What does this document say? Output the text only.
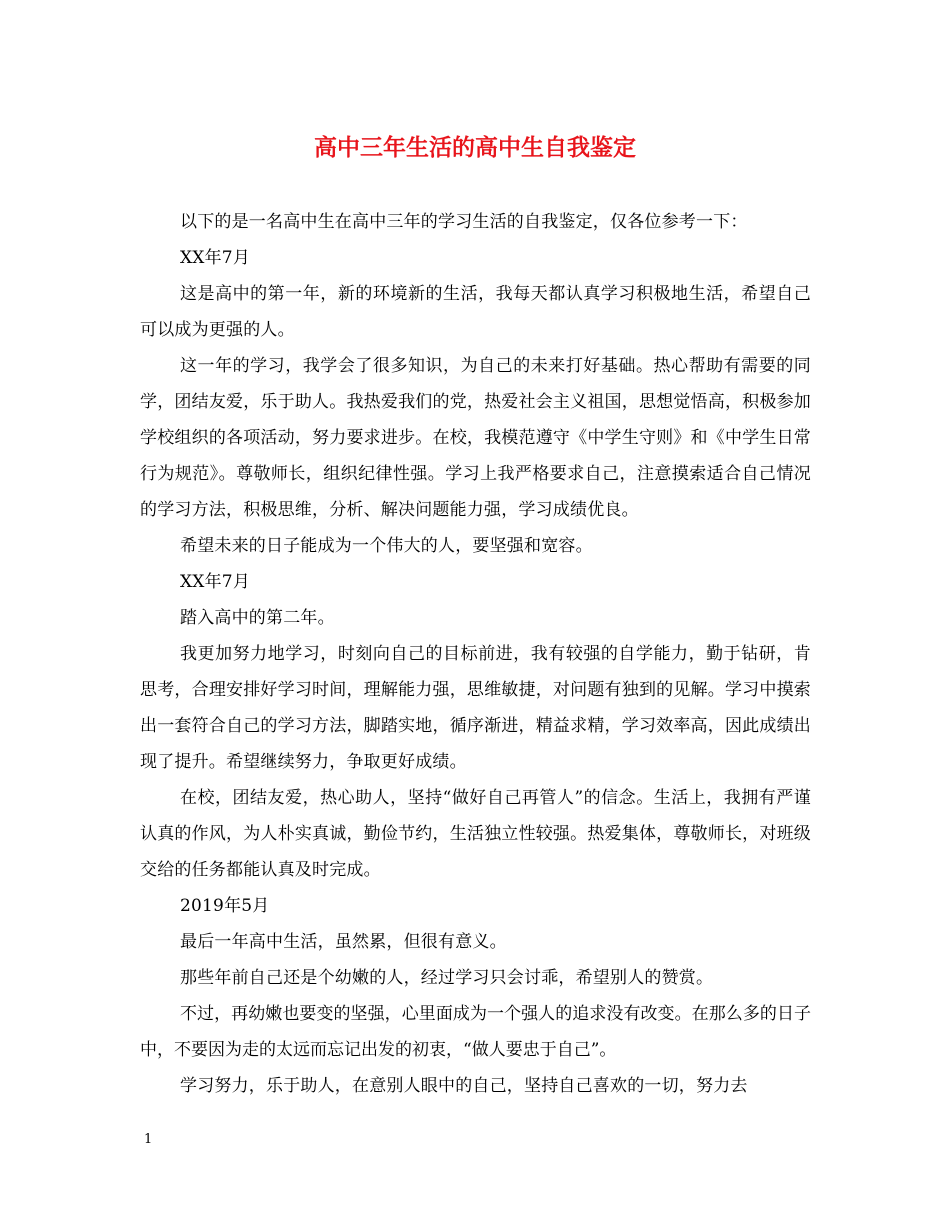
高中三年生活的高中生自我鉴定

以下的是一名高中生在高中三年的学习生活的自我鉴定，仅各位参考一下：

XX年7月

这是高中的第一年，新的环境新的生活，我每天都认真学习积极地生活，希望自己可以成为更强的人。

这一年的学习，我学会了很多知识，为自己的未来打好基础。热心帮助有需要的同学，团结友爱，乐于助人。我热爱我们的党，热爱社会主义祖国，思想觉悟高，积极参加学校组织的各项活动，努力要求进步。在校，我模范遵守《中学生守则》和《中学生日常行为规范》。尊敬师长，组织纪律性强。学习上我严格要求自己，注意摸索适合自己情况的学习方法，积极思维，分析、解决问题能力强，学习成绩优良。

希望未来的日子能成为一个伟大的人，要坚强和宽容。

XX年7月

踏入高中的第二年。

我更加努力地学习，时刻向自己的目标前进，我有较强的自学能力，勤于钻研，肯思考，合理安排好学习时间，理解能力强，思维敏捷，对问题有独到的见解。学习中摸索出一套符合自己的学习方法，脚踏实地，循序渐进，精益求精，学习效率高，因此成绩出现了提升。希望继续努力，争取更好成绩。

在校，团结友爱，热心助人，坚持“做好自己再管人”的信念。生活上，我拥有严谨认真的作风，为人朴实真诚，勤俭节约，生活独立性较强。热爱集体，尊敬师长，对班级交给的任务都能认真及时完成。

2019年5月

最后一年高中生活，虽然累，但很有意义。

那些年前自己还是个幼嫩的人，经过学习只会讨乖，希望别人的赞赏。

不过，再幼嫩也要变的坚强，心里面成为一个强人的追求没有改变。在那么多的日子中，不要因为走的太远而忘记出发的初衷，“做人要忠于自己”。

学习努力，乐于助人，在意别人眼中的自己，坚持自己喜欢的一切，努力去

1
